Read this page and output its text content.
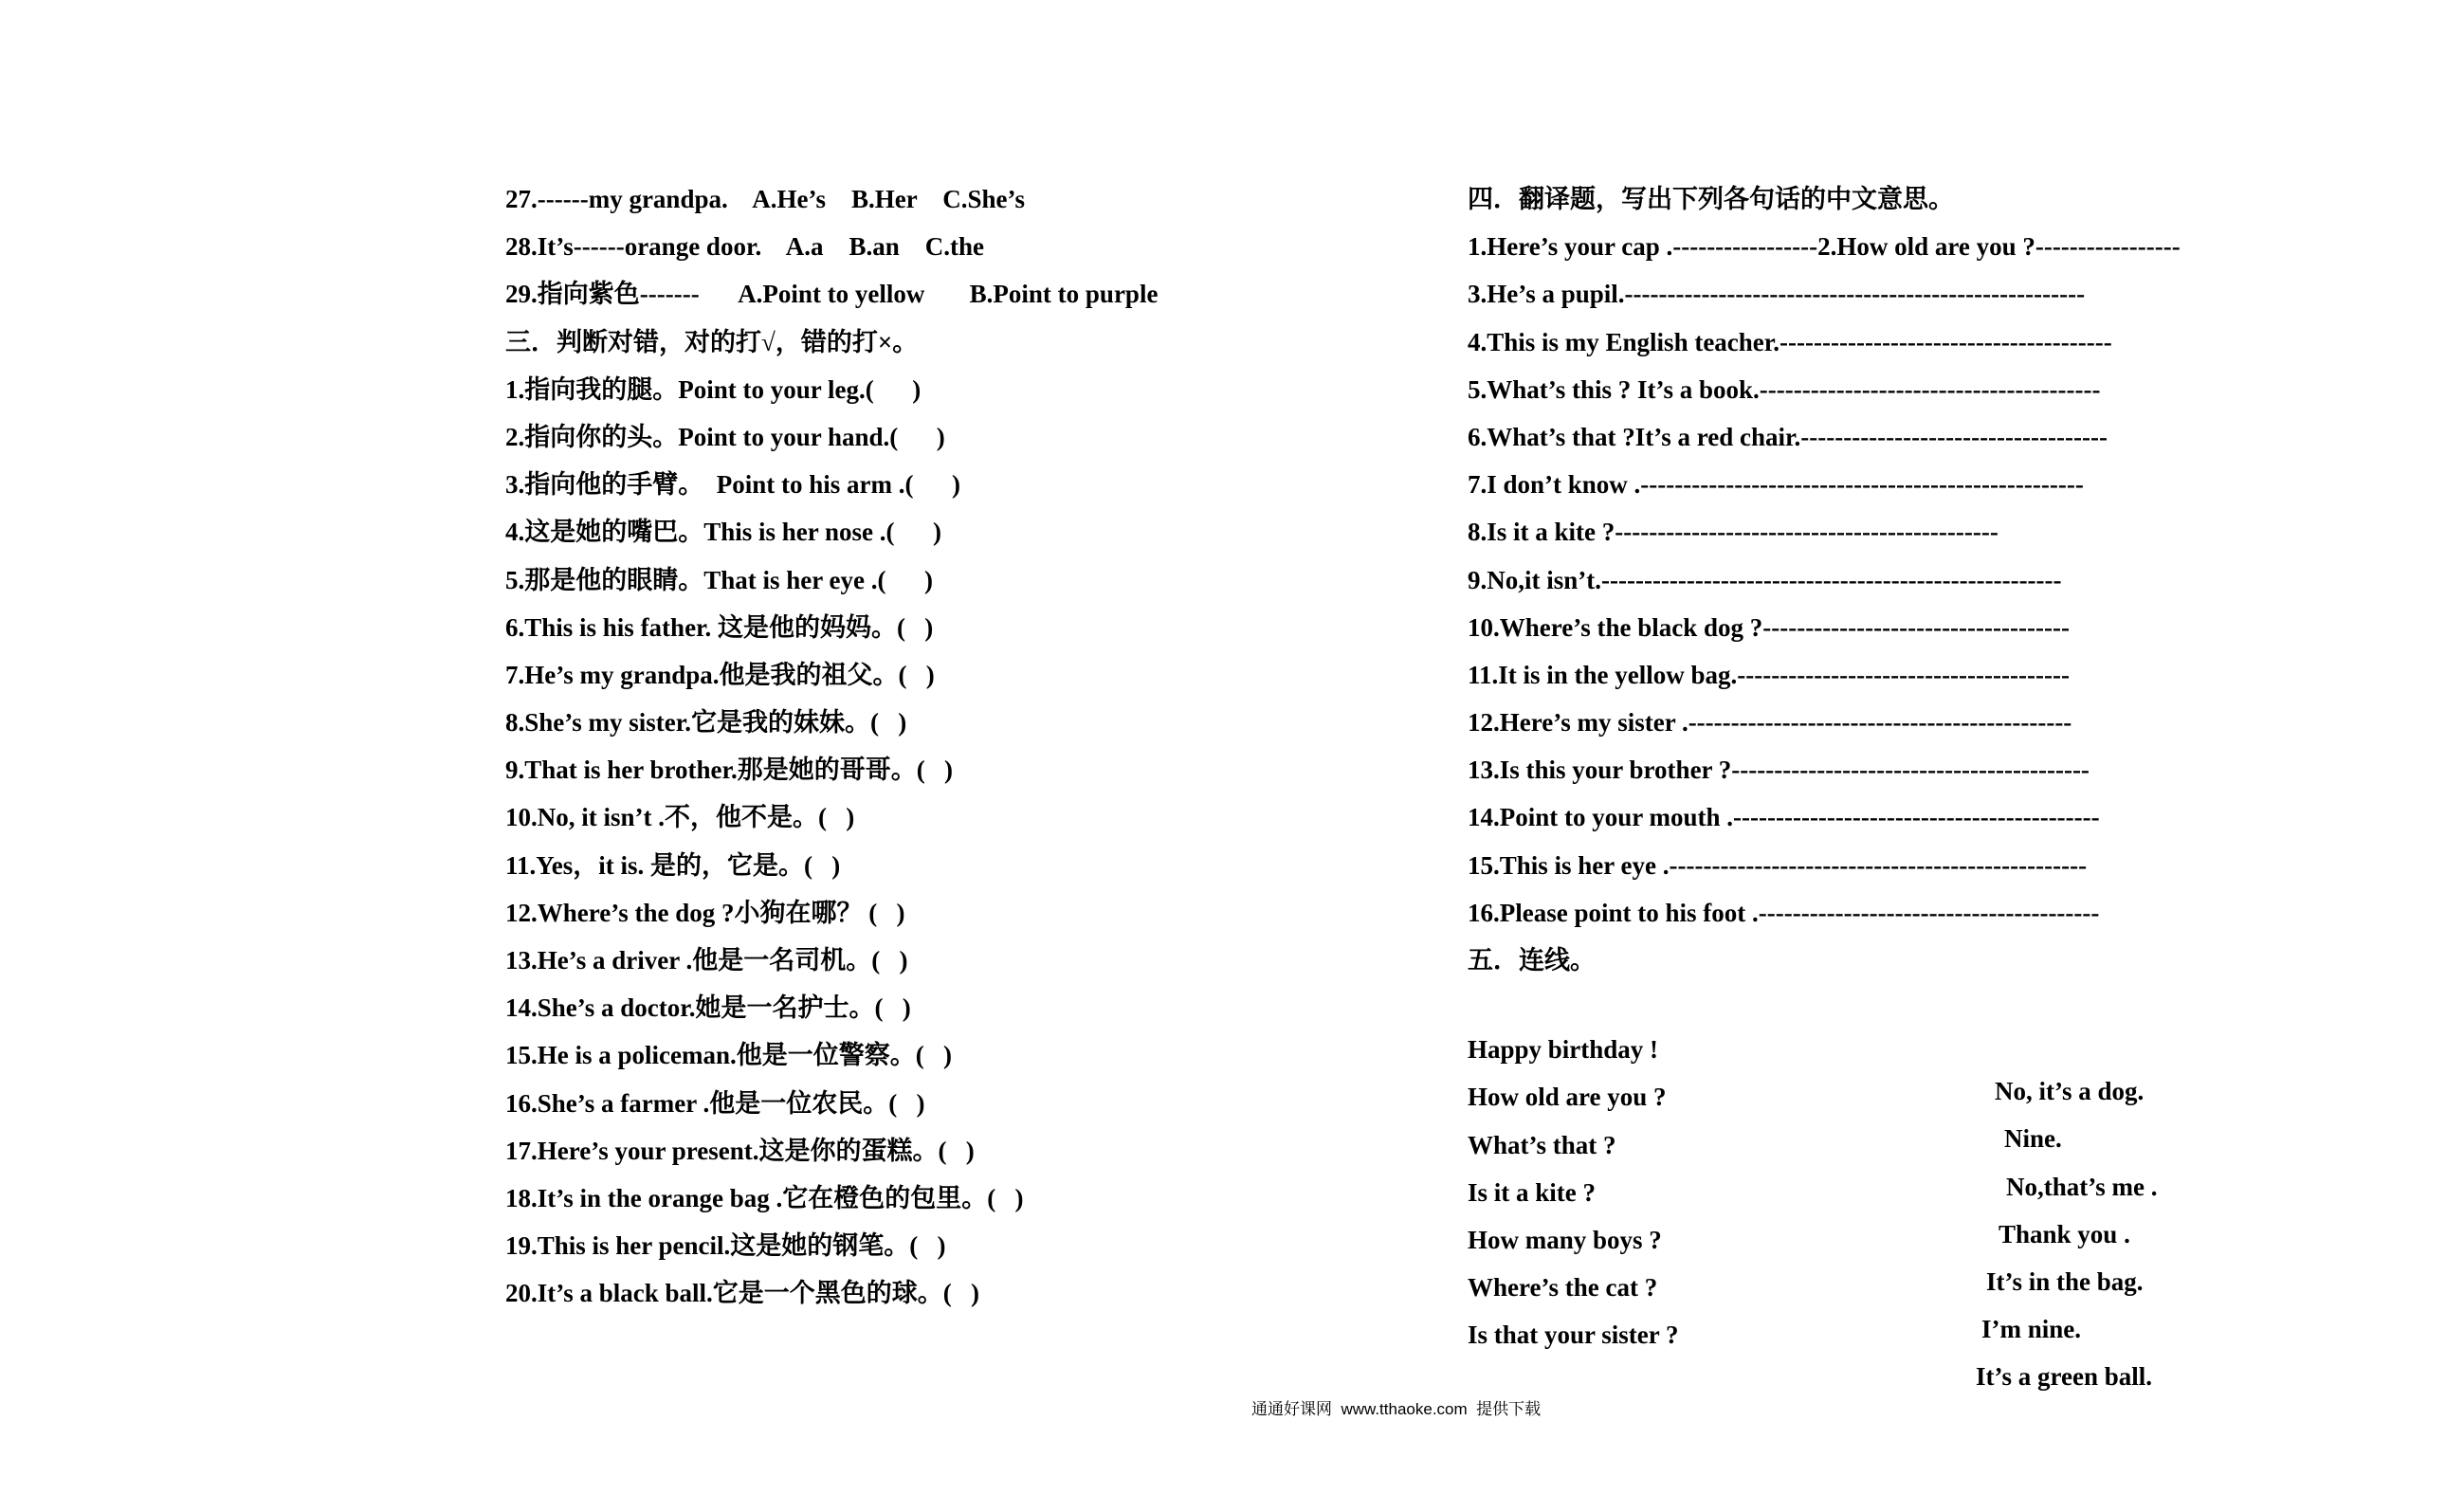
27.------my grandpa.    A.He’s    B.Her    C.She’s
28.It’s------orange door.    A.a    B.an    C.the
29.指向紫色-------      A.Point to yellow       B.Point to purple
三．判断对错，对的打√，错的打×。
1.指向我的腿。Point to your leg.(      )
2.指向你的头。Point to your hand.(      )
3.指向他的手臂。  Point to his arm .(      )
4.这是她的嘴巴。This is her nose .(      )
5.那是他的眼睛。That is her eye .(      )
6.This is his father. 这是他的妈妈。(   )
7.He’s my grandpa.他是我的祖父。(   )
8.She’s my sister.它是我的妹妹。(   )
9.That is her brother.那是她的哥哥。(   )
10.No, it isn’t .不，他不是。(   )
11.Yes，it is. 是的，它是。(   )
12.Where’s the dog ?小狗在哪？ (   )
13.He’s a driver .他是一名司机。(   )
14.She’s a doctor.她是一名护士。(   )
15.He is a policeman.他是一位警察。(   )
16.She’s a farmer .他是一位农民。(   )
17.Here’s your present.这是你的蛋糕。(   )
18.It’s in the orange bag .它在橙色的包里。(   )
19.This is her pencil.这是她的钢笔。(   )
20.It’s a black ball.它是一个黑色的球。(   )
四．翻译题，写出下列各句话的中文意思。
1.Here’s your cap .-----------------2.How old are you ?-----------------
3.He’s a pupil.------------------------------------------------------
4.This is my English teacher.---------------------------------------
5.What’s this ? It’s a book.----------------------------------------
6.What’s that ?It’s a red chair.------------------------------------
7.I don’t know .----------------------------------------------------
8.Is it a kite ?---------------------------------------------
9.No,it isn’t.------------------------------------------------------
10.Where’s the black dog ?------------------------------------
11.It is in the yellow bag.---------------------------------------
12.Here’s my sister .---------------------------------------------
13.Is this your brother ?------------------------------------------
14.Point to your mouth .-------------------------------------------
15.This is her eye .-------------------------------------------------
16.Please point to his foot .----------------------------------------
五．连线。

Happy birthday !

No, it’s a dog.

How old are you ?

Nine.

What’s that ?

No,that’s me .

Is it a kite ?

Thank you .

How many boys ?

It’s in the bag.

Where’s the cat ?

I’m nine.

Is that your sister ?

It’s a green ball.

通通好课网  www.tthaoke.com  提供下载
